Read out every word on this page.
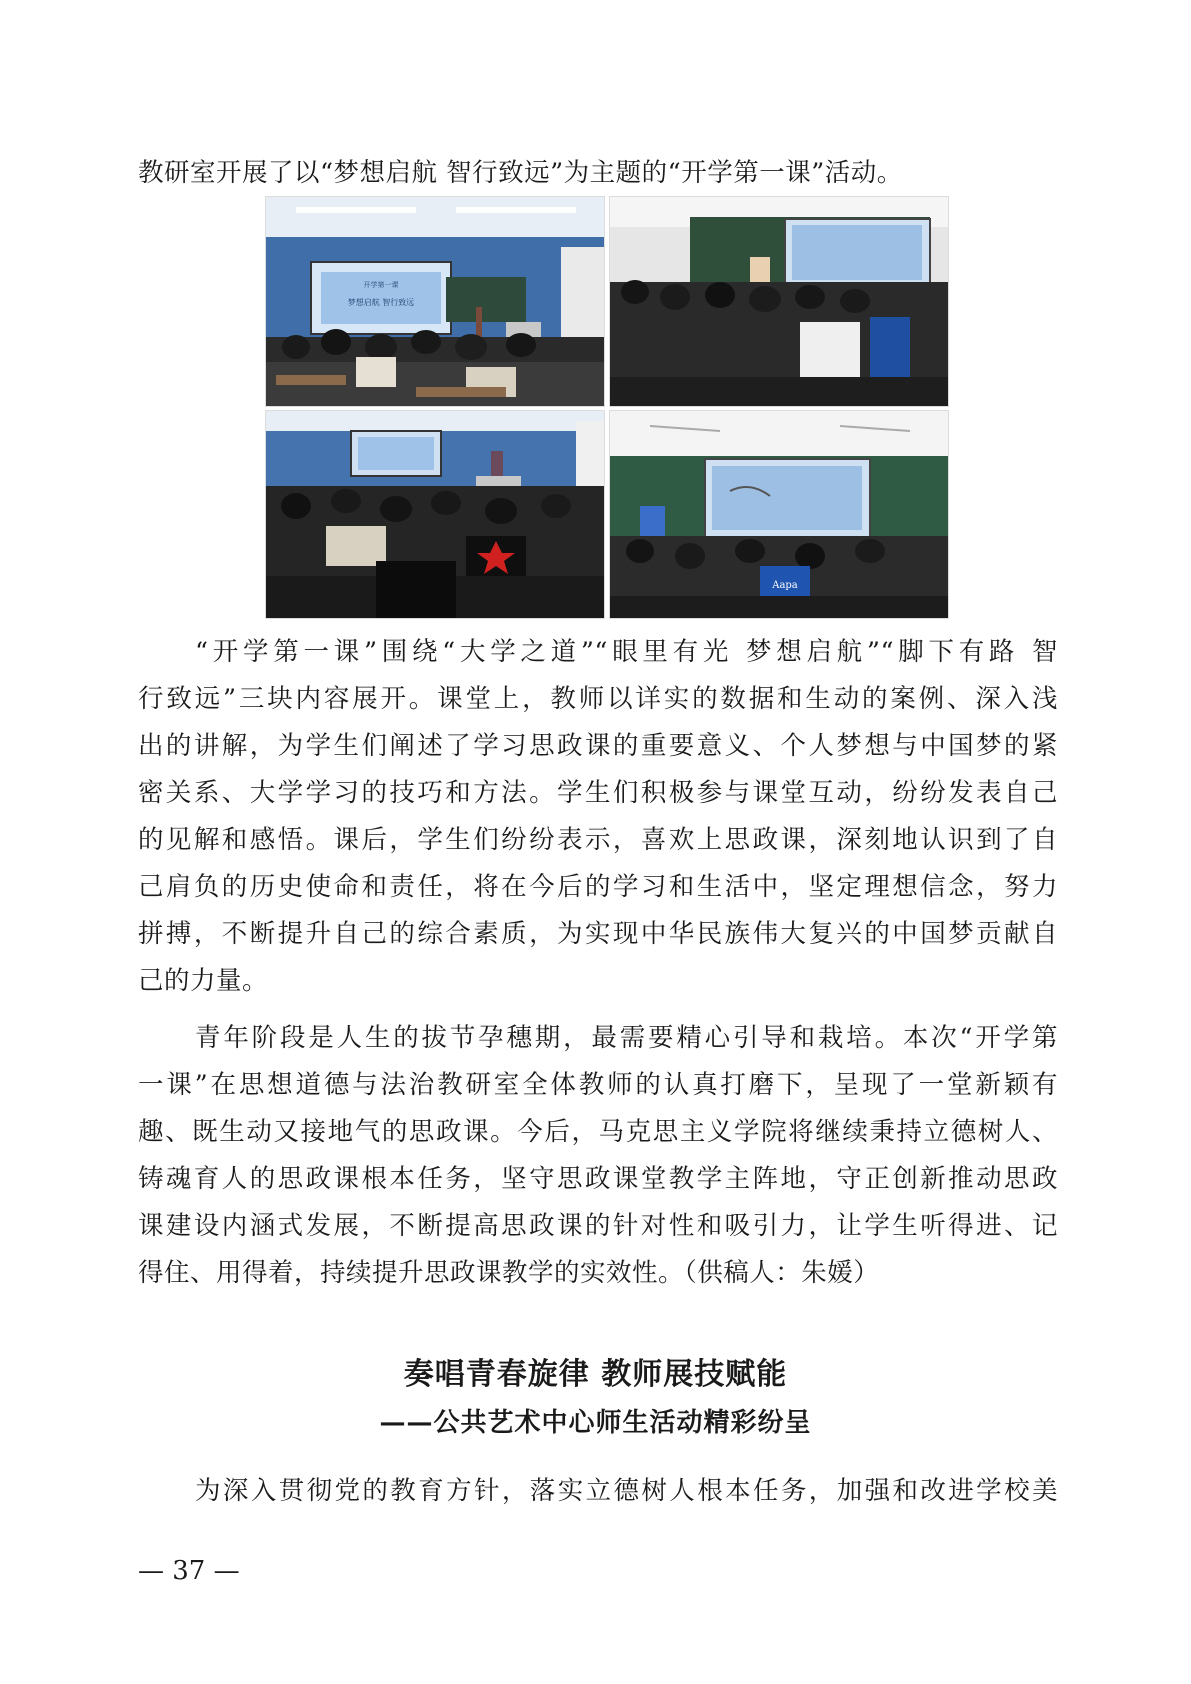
教研室开展了以“梦想启航 智行致远”为主题的“开学第一课”活动。
开学第一课
梦想启航 智行致远
Aapa
“开学第一课”围绕“大学之道”“眼里有光 梦想启航”“脚下有路 智
行致远”三块内容展开。课堂上，教师以详实的数据和生动的案例、深入浅
出的讲解，为学生们阐述了学习思政课的重要意义、个人梦想与中国梦的紧
密关系、大学学习的技巧和方法。学生们积极参与课堂互动，纷纷发表自己
的见解和感悟。课后，学生们纷纷表示，喜欢上思政课，深刻地认识到了自
己肩负的历史使命和责任，将在今后的学习和生活中，坚定理想信念，努力
拼搏，不断提升自己的综合素质，为实现中华民族伟大复兴的中国梦贡献自
己的力量。
青年阶段是人生的拔节孕穗期，最需要精心引导和栽培。本次“开学第
一课”在思想道德与法治教研室全体教师的认真打磨下，呈现了一堂新颖有
趣、既生动又接地气的思政课。今后，马克思主义学院将继续秉持立德树人、
铸魂育人的思政课根本任务，坚守思政课堂教学主阵地，守正创新推动思政
课建设内涵式发展，不断提高思政课的针对性和吸引力，让学生听得进、记
得住、用得着，持续提升思政课教学的实效性。（供稿人：朱媛）
奏唱青春旋律 教师展技赋能
——公共艺术中心师生活动精彩纷呈
为深入贯彻党的教育方针，落实立德树人根本任务，加强和改进学校美
— 37 —
